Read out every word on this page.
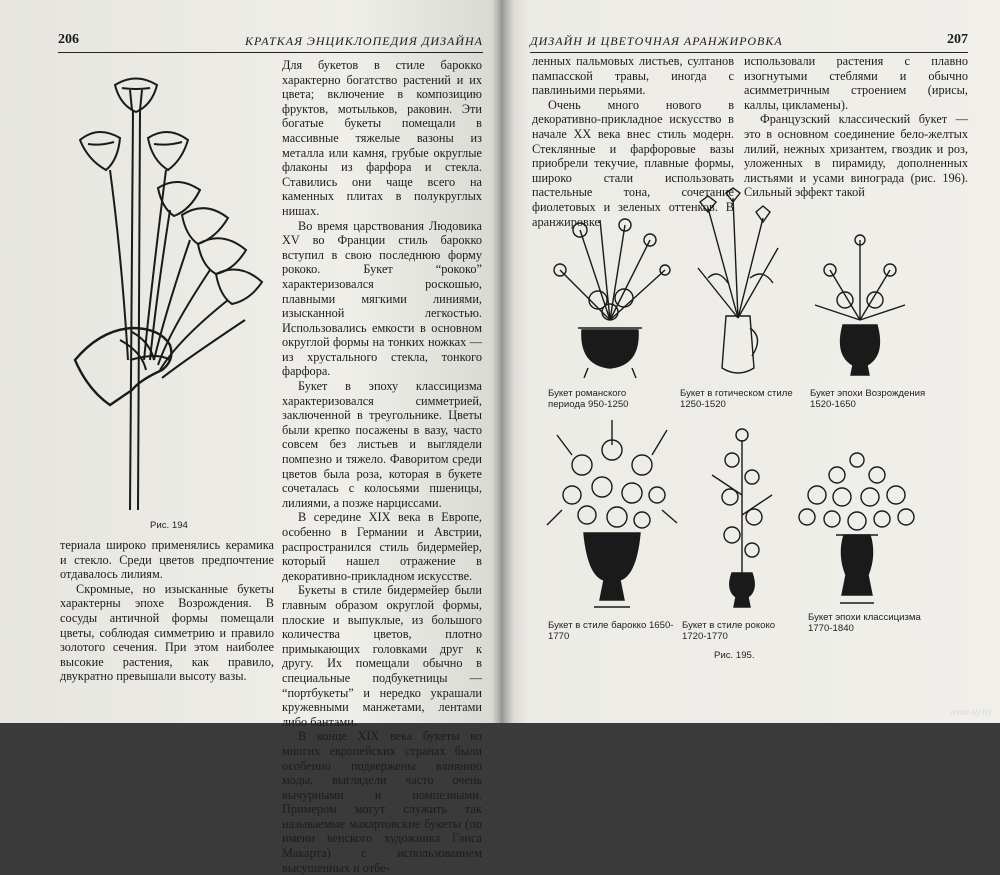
206	КРАТКАЯ ЭНЦИКЛОПЕДИЯ ДИЗАЙНА
Рис. 194

Для букетов в стиле барокко характерно богатство растений и их цвета; включение в композицию фруктов, мотыльков, раковин. Эти богатые букеты помещали в массивные тяжелые вазоны из металла или камня, грубые округлые флаконы из фарфора и стекла. Ставились они чаще всего на каменных плитах в полукруглых нишах.

Во время царствования Людовика XV во Франции стиль барокко вступил в свою последнюю форму рококо. Букет “рококо” характеризовался роскошью, плавными мягкими линиями, изысканной легкостью. Использовались емкости в основном округлой формы на тонких ножках — из хрустального стекла, тонкого фарфора.

Букет в эпоху классицизма характеризовался симметрией, заключенной в треугольнике. Цветы были крепко посажены в вазу, часто совсем без листьев и выглядели помпезно и тяжело. Фаворитом среди цветов была роза, которая в букете сочеталась с колосьями пшеницы, лилиями, а позже нарциссами.

В середине XIX века в Европе, особенно в Германии и Австрии, распространился стиль бидермейер, который нашел отражение в декоративно-прикладном искусстве.

Букеты в стиле бидермейер были главным образом округлой формы, плоские и выпуклые, из большого количества цветов, плотно примыкающих головками друг к другу. Их помещали обычно в специальные подбукетницы — “портбукеты” и нередко украшали кружевными манжетами, лентами либо бантами.

В конце XIX века букеты во многих европейских странах были особенно подвержены влиянию моды, выглядели часто очень вычурными и помпезными. Примером могут служить так называемые макартовские букеты (по имени венского художника Ганса Макарта) с использованием высушенных и отбе-

териала широко применялись керамика и стекло. Среди цветов предпочтение отдавалось лилиям.

Скромные, но изысканные букеты характерны эпохе Возрождения. В сосуды античной формы помещали цветы, соблюдая симметрию и правило золотого сечения. При этом наиболее высокие растения, как правило, двукратно превышали высоту вазы.

ДИЗАЙН И ЦВЕТОЧНАЯ АРАНЖИРОВКА	207

ленных пальмовых листьев, султанов пампасской травы, иногда с павлиньими перьями.

Очень много нового в декоративно-прикладное искусство в начале XX века внес стиль модерн. Стеклянные и фарфоровые вазы приобрели текучие, плавные формы, широко стали использовать пастельные тона, сочетание фиолетовых и зеленых оттенков. В аранжировке

использовали растения с плавно изогнутыми стеблями и обычно асимметричным строением (ирисы, каллы, цикламены).

Французский классический букет — это в основном соединение бело-желтых лилий, нежных хризантем, гвоздик и роз, уложенных в пирамиду, дополненных листьями и усами винограда (рис. 196). Сильный эффект такой

Букет романского периода 950-1250
Букет в готическом стиле 1250-1520
Букет эпохи Возрождения 1520-1650
Букет в стиле барокко 1650-1770
Букет в стиле рококо 1720-1770
Букет эпохи классицизма 1770-1840
Рис. 195.
www.ay.by
